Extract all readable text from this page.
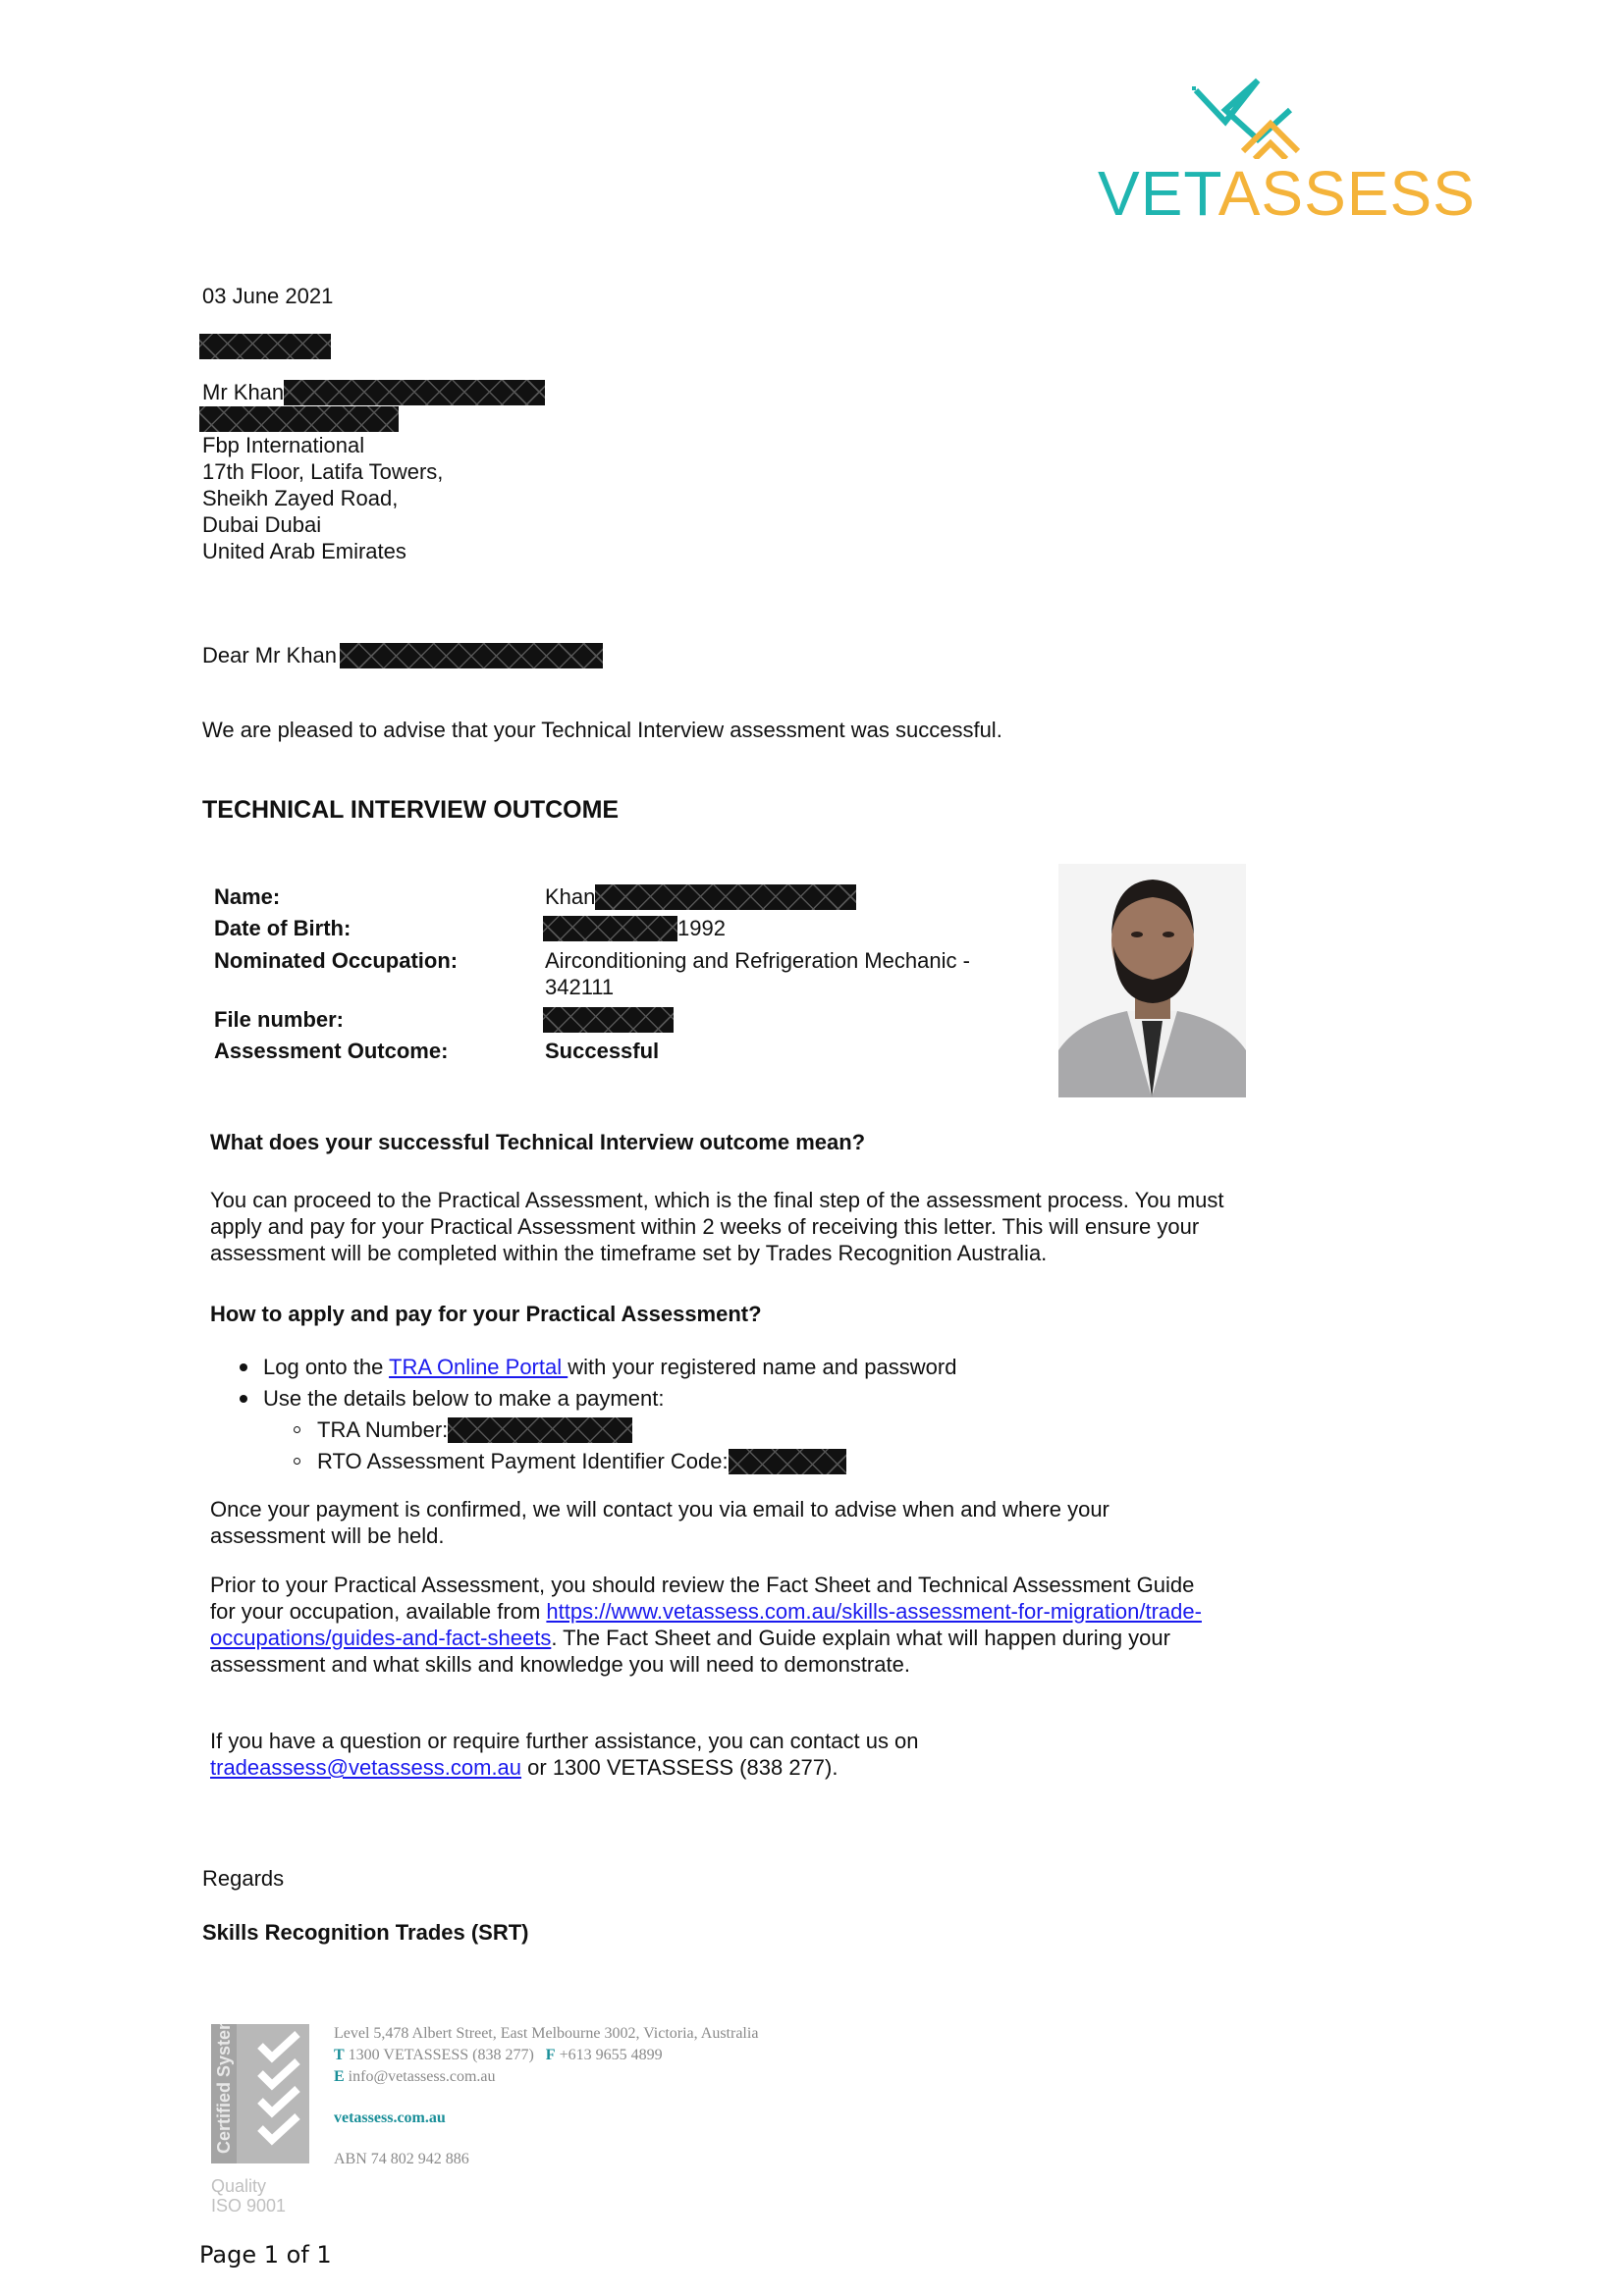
VETASSESS
03 June 2021
Mr Khan
Fbp International
17th Floor, Latifa Towers,
Sheikh Zayed Road,
Dubai Dubai
United Arab Emirates
Dear Mr Khan
We are pleased to advise that your Technical Interview assessment was successful.
TECHNICAL INTERVIEW OUTCOME
Name:	Khan
Date of Birth:	1992
Nominated Occupation:	Airconditioning and Refrigeration Mechanic -
342111
File number:
Assessment Outcome:	Successful
What does your successful Technical Interview outcome mean?
You can proceed to the Practical Assessment, which is the final step of the assessment process. You must
apply and pay for your Practical Assessment within 2 weeks of receiving this letter. This will ensure your
assessment will be completed within the timeframe set by Trades Recognition Australia.
How to apply and pay for your Practical Assessment?
Log onto the TRA Online Portal with your registered name and password
Use the details below to make a payment:
TRA Number:
RTO Assessment Payment Identifier Code:
Once your payment is confirmed, we will contact you via email to advise when and where your
assessment will be held.
Prior to your Practical Assessment, you should review the Fact Sheet and Technical Assessment Guide
for your occupation, available from https://www.vetassess.com.au/skills-assessment-for-migration/trade-
occupations/guides-and-fact-sheets. The Fact Sheet and Guide explain what will happen during your
assessment and what skills and knowledge you will need to demonstrate.
If you have a question or require further assistance, you can contact us on
tradeassess@vetassess.com.au or 1300 VETASSESS (838 277).
Regards
Skills Recognition Trades (SRT)
Certified System
Quality
ISO 9001
Level 5,478 Albert Street, East Melbourne 3002, Victoria, Australia
T 1300 VETASSESS (838 277) F +613 9655 4899
E info@vetassess.com.au
vetassess.com.au
ABN 74 802 942 886
Page 1 of 1
